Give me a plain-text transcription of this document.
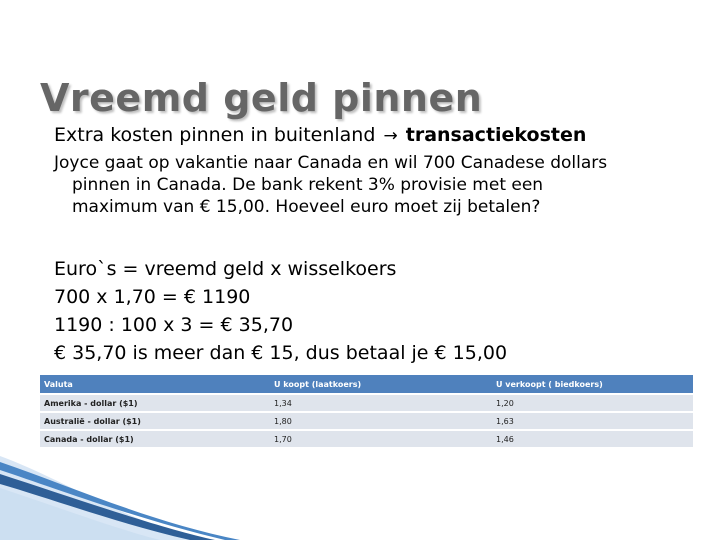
Vreemd geld pinnen
Extra kosten pinnen in buitenland → transactiekosten
Joyce gaat op vakantie naar Canada en wil 700 Canadese dollars
pinnen in Canada. De bank rekent 3% provisie met een
maximum van € 15,00. Hoeveel euro moet zij betalen?
Euro`s = vreemd geld x wisselkoers
700 x 1,70 = € 1190
1190 : 100 x 3 = € 35,70
€ 35,70 is meer dan € 15, dus betaal je € 15,00
Valuta	U koopt (laatkoers)	U verkoopt ( biedkoers)
Amerika - dollar ($1)	1,34	1,20
Australië - dollar ($1)	1,80	1,63
Canada - dollar ($1)	1,70	1,46
